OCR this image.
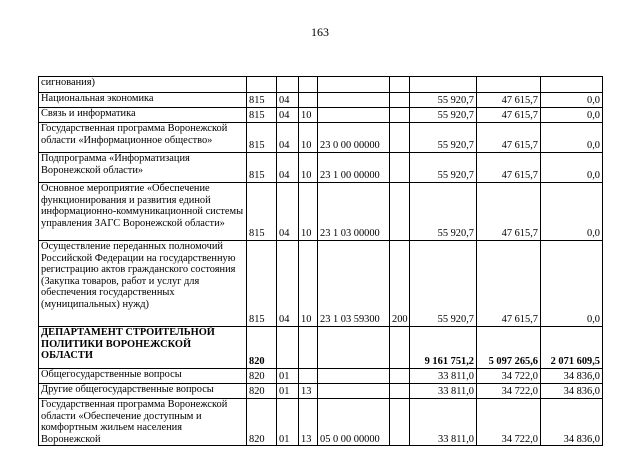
163
сигнования)								
Национальная экономика	815	04				55 920,7	47 615,7	0,0
Связь и информатика	815	04	10			55 920,7	47 615,7	0,0
Государственная программа Воронежской области «Информационное общество»	815	04	10	23 0 00 00000		55 920,7	47 615,7	0,0
Подпрограмма «Информатизация Воронежской области»	815	04	10	23 1 00 00000		55 920,7	47 615,7	0,0
Основное мероприятие «Обеспечение функционирования и развития единой информационно-коммуникационной системы управления ЗАГС Воронежской области»	815	04	10	23 1 03 00000		55 920,7	47 615,7	0,0
Осуществление переданных полномочий Российской Федерации на государственную регистрацию актов гражданского состояния (Закупка товаров, работ и услуг для обеспечения государственных (муниципальных) нужд)	815	04	10	23 1 03 59300	200	55 920,7	47 615,7	0,0
ДЕПАРТАМЕНТ СТРОИТЕЛЬНОЙ ПОЛИТИКИ ВОРОНЕЖСКОЙ ОБЛАСТИ	820					9 161 751,2	5 097 265,6	2 071 609,5
Общегосударственные вопросы	820	01				33 811,0	34 722,0	34 836,0
Другие общегосударственные вопросы	820	01	13			33 811,0	34 722,0	34 836,0
Государственная программа Воронежской области «Обеспечение доступным и комфортным жильем населения Воронежской	820	01	13	05 0 00 00000		33 811,0	34 722,0	34 836,0
